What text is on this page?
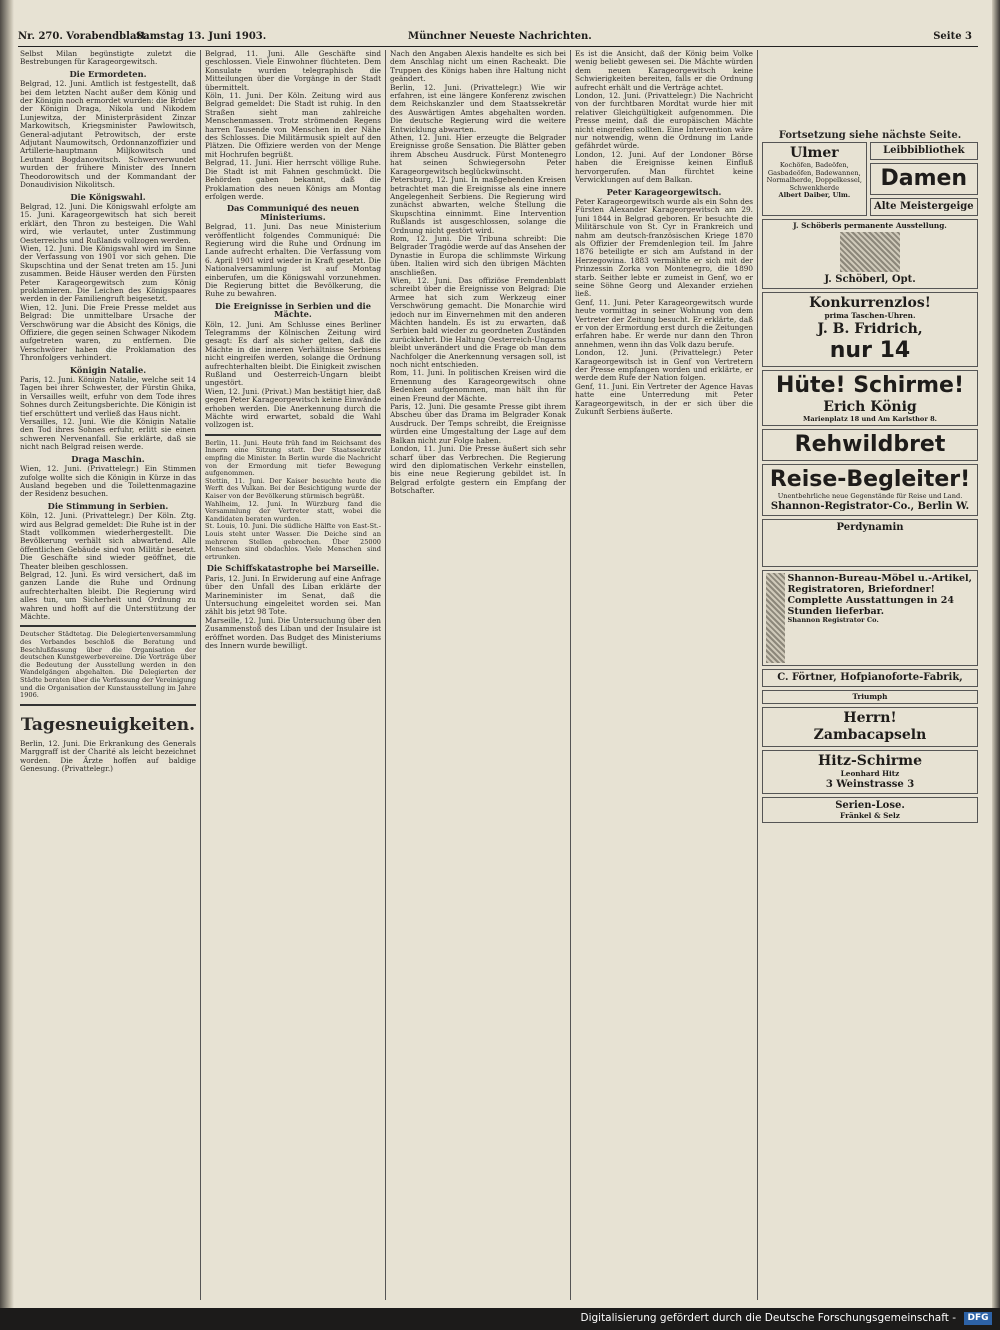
Nr. 270. Vorabendblatt.
Samstag 13. Juni 1903.	Münchner Neueste Nachrichten.	Seite 3

Selbst Milan begünstigte zuletzt die Bestrebungen für Karageorgewitsch.

Die Ermordeten.

Belgrad, 12. Juni. Amtlich ist festgestellt, daß bei dem letzten Nacht außer dem König und der Königin noch ermordet wurden: die Brüder der Königin Draga, Nikola und Nikodem Lunjewitza, der Ministerpräsident Zinzar Markowitsch, Kriegsminister Pawlowitsch, General-adjutant Petrowitsch, der erste Adjutant Naumowitsch, Ordonnanzoffizier und Artillerie-hauptmann Miljkowitsch und Leutnant Bogdanowitsch. Schwerverwundet wurden der frühere Minister des Innern Theodorowitsch und der Kommandant der Donaudivision Nikolitsch.

Die Königswahl.

Belgrad, 12. Juni. Die Königswahl erfolgte am 15. Juni. Karageorgewitsch hat sich bereit erklärt, den Thron zu besteigen. Die Wahl wird, wie verlautet, unter Zustimmung Oesterreichs und Rußlands vollzogen werden.

Wien, 12. Juni. Die Königswahl wird im Sinne der Verfassung von 1901 vor sich gehen. Die Skupschtina und der Senat treten am 15. Juni zusammen. Beide Häuser werden den Fürsten Peter Karageorgewitsch zum König proklamieren. Die Leichen des Königspaares werden in der Familiengruft beigesetzt.

Wien, 12. Juni. Die Freie Presse meldet aus Belgrad: Die unmittelbare Ursache der Verschwörung war die Absicht des Königs, die Offiziere, die gegen seinen Schwager Nikodem aufgetreten waren, zu entfernen. Die Verschwörer haben die Proklamation des Thronfolgers verhindert.

Königin Natalie.

Paris, 12. Juni. Königin Natalie, welche seit 14 Tagen bei ihrer Schwester, der Fürstin Ghika, in Versailles weilt, erfuhr von dem Tode ihres Sohnes durch Zeitungsberichte. Die Königin ist tief erschüttert und verließ das Haus nicht.

Versailles, 12. Juni. Wie die Königin Natalie den Tod ihres Sohnes erfuhr, erlitt sie einen schweren Nervenanfall. Sie erklärte, daß sie nicht nach Belgrad reisen werde.

Draga Maschin.

Wien, 12. Juni. (Privattelegr.) Ein Stimmen zufolge wollte sich die Königin in Kürze in das Ausland begeben und die Toilettenmagazine der Residenz besuchen.

Die Stimmung in Serbien.

Köln, 12. Juni. (Privattelegr.) Der Köln. Ztg. wird aus Belgrad gemeldet: Die Ruhe ist in der Stadt vollkommen wiederhergestellt. Die Bevölkerung verhält sich abwartend. Alle öffentlichen Gebäude sind von Militär besetzt. Die Geschäfte sind wieder geöffnet, die Theater bleiben geschlossen.

Belgrad, 12. Juni. Es wird versichert, daß im ganzen Lande die Ruhe und Ordnung aufrechterhalten bleibt. Die Regierung wird alles tun, um Sicherheit und Ordnung zu wahren und hofft auf die Unterstützung der Mächte.

Deutscher Städtetag. Die Delegiertenversammlung des Verbandes beschloß die Beratung und Beschlußfassung über die Organisation der deutschen Kunstgewerbevereine. Die Vorträge über die Bedeutung der Ausstellung werden in den Wandelgängen abgehalten. Die Delegierten der Städte beraten über die Verfassung der Vereinigung und die Organisation der Kunstausstellung im Jahre 1906.

Tagesneuigkeiten.

Berlin, 12. Juni. Die Erkrankung des Generals Marggraff ist der Charité als leicht bezeichnet worden. Die Ärzte hoffen auf baldige Genesung. (Privattelegr.)

Belgrad, 11. Juni. Alle Geschäfte sind geschlossen. Viele Einwohner flüchteten. Dem Konsulate wurden telegraphisch die Mitteilungen über die Vorgänge in der Stadt übermittelt.

Köln, 11. Juni. Der Köln. Zeitung wird aus Belgrad gemeldet: Die Stadt ist ruhig. In den Straßen sieht man zahlreiche Menschenmassen. Trotz strömenden Regens harren Tausende von Menschen in der Nähe des Schlosses. Die Militärmusik spielt auf den Plätzen. Die Offiziere werden von der Menge mit Hochrufen begrüßt.

Belgrad, 11. Juni. Hier herrscht völlige Ruhe. Die Stadt ist mit Fahnen geschmückt. Die Behörden gaben bekannt, daß die Proklamation des neuen Königs am Montag erfolgen werde.

Das Communiqué des neuen Ministeriums.

Belgrad, 11. Juni. Das neue Ministerium veröffentlicht folgendes Communiqué: Die Regierung wird die Ruhe und Ordnung im Lande aufrecht erhalten. Die Verfassung vom 6. April 1901 wird wieder in Kraft gesetzt. Die Nationalversammlung ist auf Montag einberufen, um die Königswahl vorzunehmen. Die Regierung bittet die Bevölkerung, die Ruhe zu bewahren.

Die Ereignisse in Serbien und die Mächte.

Köln, 12. Juni. Am Schlusse eines Berliner Telegramms der Kölnischen Zeitung wird gesagt: Es darf als sicher gelten, daß die Mächte in die inneren Verhältnisse Serbiens nicht eingreifen werden, solange die Ordnung aufrechterhalten bleibt. Die Einigkeit zwischen Rußland und Oesterreich-Ungarn bleibt ungestört.

Wien, 12. Juni. (Privat.) Man bestätigt hier, daß gegen Peter Karageorgewitsch keine Einwände erhoben werden. Die Anerkennung durch die Mächte wird erwartet, sobald die Wahl vollzogen ist.

Berlin, 11. Juni. Heute früh fand im Reichsamt des Innern eine Sitzung statt. Der Staatssekretär empfing die Minister. In Berlin wurde die Nachricht von der Ermordung mit tiefer Bewegung aufgenommen.

Stettin, 11. Juni. Der Kaiser besuchte heute die Werft des Vulkan. Bei der Besichtigung wurde der Kaiser von der Bevölkerung stürmisch begrüßt.

Wahlheim, 12. Juni. In Würzburg fand die Versammlung der Vertreter statt, wobei die Kandidaten beraten wurden.

St. Louis, 10. Juni. Die südliche Hälfte von East-St.-Louis steht unter Wasser. Die Deiche sind an mehreren Stellen gebrochen. Über 25000 Menschen sind obdachlos. Viele Menschen sind ertrunken.

Die Schiffskatastrophe bei Marseille.

Paris, 12. Juni. In Erwiderung auf eine Anfrage über den Unfall des Liban erklärte der Marineminister im Senat, daß die Untersuchung eingeleitet worden sei. Man zählt bis jetzt 98 Tote.

Marseille, 12. Juni. Die Untersuchung über den Zusammenstoß des Liban und der Insulaire ist eröffnet worden. Das Budget des Ministeriums des Innern wurde bewilligt.

Nach den Angaben Alexis handelte es sich bei dem Anschlag nicht um einen Racheakt. Die Truppen des Königs haben ihre Haltung nicht geändert.

Berlin, 12. Juni. (Privattelegr.) Wie wir erfahren, ist eine längere Konferenz zwischen dem Reichskanzler und dem Staatssekretär des Auswärtigen Amtes abgehalten worden. Die deutsche Regierung wird die weitere Entwicklung abwarten.

Athen, 12. Juni. Hier erzeugte die Belgrader Ereignisse große Sensation. Die Blätter geben ihrem Abscheu Ausdruck. Fürst Montenegro hat seinen Schwiegersohn Peter Karageorgewitsch beglückwünscht.

Petersburg, 12. Juni. In maßgebenden Kreisen betrachtet man die Ereignisse als eine innere Angelegenheit Serbiens. Die Regierung wird zunächst abwarten, welche Stellung die Skupschtina einnimmt. Eine Intervention Rußlands ist ausgeschlossen, solange die Ordnung nicht gestört wird.

Rom, 12. Juni. Die Tribuna schreibt: Die Belgrader Tragödie werde auf das Ansehen der Dynastie in Europa die schlimmste Wirkung üben. Italien wird sich den übrigen Mächten anschließen.

Wien, 12. Juni. Das offiziöse Fremdenblatt schreibt über die Ereignisse von Belgrad: Die Armee hat sich zum Werkzeug einer Verschwörung gemacht. Die Monarchie wird jedoch nur im Einvernehmen mit den anderen Mächten handeln. Es ist zu erwarten, daß Serbien bald wieder zu geordneten Zuständen zurückkehrt. Die Haltung Oesterreich-Ungarns bleibt unverändert und die Frage ob man dem Nachfolger die Anerkennung versagen soll, ist noch nicht entschieden.

Rom, 11. Juni. In politischen Kreisen wird die Ernennung des Karageorgewitsch ohne Bedenken aufgenommen, man hält ihn für einen Freund der Mächte.

Paris, 12. Juni. Die gesamte Presse gibt ihrem Abscheu über das Drama im Belgrader Konak Ausdruck. Der Temps schreibt, die Ereignisse würden eine Umgestaltung der Lage auf dem Balkan nicht zur Folge haben.

London, 11. Juni. Die Presse äußert sich sehr scharf über das Verbrechen. Die Regierung wird den diplomatischen Verkehr einstellen, bis eine neue Regierung gebildet ist. In Belgrad erfolgte gestern ein Empfang der Botschafter.

Es ist die Ansicht, daß der König beim Volke wenig beliebt gewesen sei. Die Mächte würden dem neuen Karageorgewitsch keine Schwierigkeiten bereiten, falls er die Ordnung aufrecht erhält und die Verträge achtet.

London, 12. Juni. (Privattelegr.) Die Nachricht von der furchtbaren Mordtat wurde hier mit relativer Gleichgültigkeit aufgenommen. Die Presse meint, daß die europäischen Mächte nicht eingreifen sollten. Eine Intervention wäre nur notwendig, wenn die Ordnung im Lande gefährdet würde.

London, 12. Juni. Auf der Londoner Börse haben die Ereignisse keinen Einfluß hervorgerufen. Man fürchtet keine Verwicklungen auf dem Balkan.

Peter Karageorgewitsch.

Peter Karageorgewitsch wurde als ein Sohn des Fürsten Alexander Karageorgewitsch am 29. Juni 1844 in Belgrad geboren. Er besuchte die Militärschule von St. Cyr in Frankreich und nahm am deutsch-französischen Kriege 1870 als Offizier der Fremdenlegion teil. Im Jahre 1876 beteiligte er sich am Aufstand in der Herzegowina. 1883 vermählte er sich mit der Prinzessin Zorka von Montenegro, die 1890 starb. Seither lebte er zumeist in Genf, wo er seine Söhne Georg und Alexander erziehen ließ.

Genf, 11. Juni. Peter Karageorgewitsch wurde heute vormittag in seiner Wohnung von dem Vertreter der Zeitung besucht. Er erklärte, daß er von der Ermordung erst durch die Zeitungen erfahren habe. Er werde nur dann den Thron annehmen, wenn ihn das Volk dazu berufe.

London, 12. Juni. (Privattelegr.) Peter Karageorgewitsch ist in Genf von Vertretern der Presse empfangen worden und erklärte, er werde dem Rufe der Nation folgen.

Genf, 11. Juni. Ein Vertreter der Agence Havas hatte eine Unterredung mit Peter Karageorgewitsch, in der er sich über die Zukunft Serbiens äußerte.

Fortsetzung siehe nächste Seite.
Ulmer
Kochöfen, Badeöfen, Gasbadeöfen, Badewannen, Normalherde, Doppelkessel, Schwenkherde
Albert Daiber, Ulm.
Leibbibliothek
Damen
Alte Meistergeige
J. Schöberls permanente Ausstellung.
J. Schöberl, Opt.
Konkurrenzlos!
prima Taschen-Uhren.
J. B. Fridrich,
nur 14
Hüte! Schirme!
Erich König
Marienplatz 18 und Am Karlsthor 8.
Rehwildbret
Reise-Begleiter!
Unentbehrliche neue Gegenstände für Reise und Land.
Shannon-Registrator-Co., Berlin W.
Perdynamin
Shannon-Bureau-Möbel u.-Artikel, Registratoren, Briefordner! Complette Ausstattungen in 24 Stunden lieferbar.
Shannon Registrator Co.
C. Förtner, Hofpianoforte-Fabrik,
Triumph
Herrn!
Zambacapseln
Hitz-Schirme
Leonhard Hitz
3 Weinstrasse 3
Serien-Lose.
Fränkel & Selz
Digitalisierung gefördert durch die Deutsche Forschungsgemeinschaft -	DFG
